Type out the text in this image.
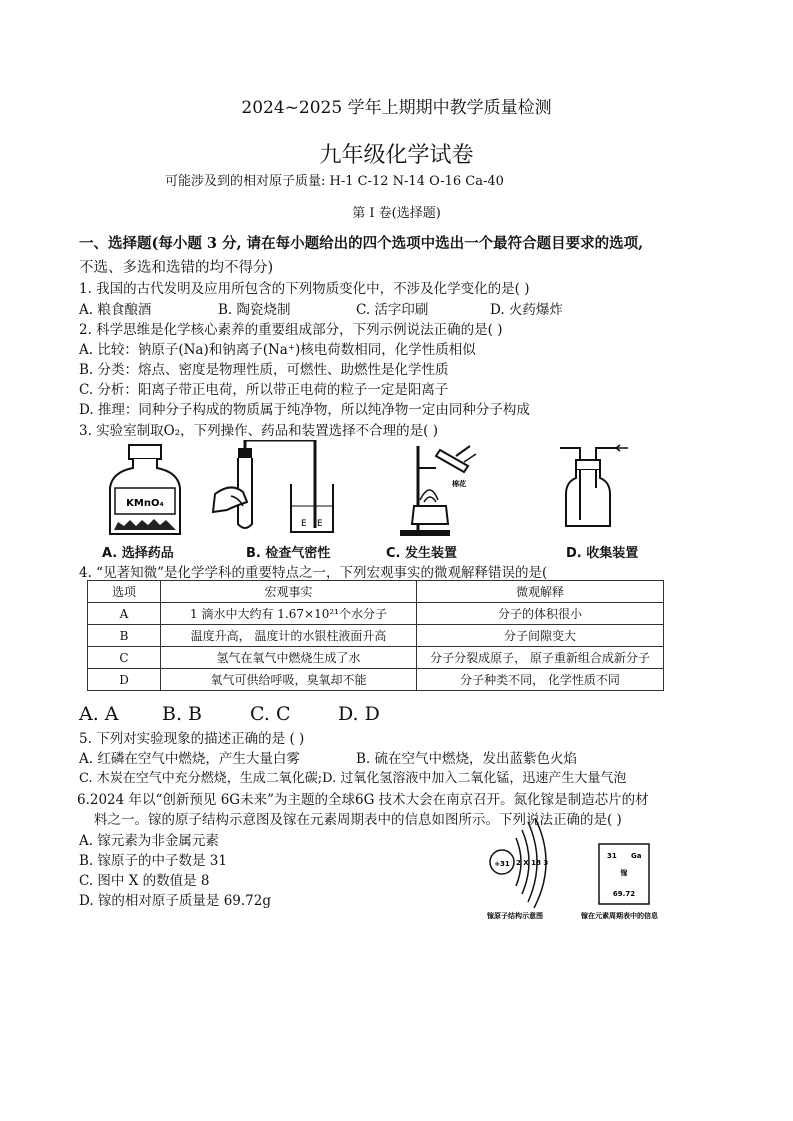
2024~2025 学年上期期中教学质量检测
九年级化学试卷
可能涉及到的相对原子质量: H-1 C-12 N-14 O-16 Ca-40
第 I 卷(选择题)
一、选择题(每小题 3 分, 请在每小题给出的四个选项中选出一个最符合题目要求的选项,
不选、多选和选错的均不得分)
1. 我国的古代发明及应用所包含的下列物质变化中，不涉及化学变化的是( )
A. 粮食酿酒	B. 陶瓷烧制	C. 活字印刷	D. 火药爆炸
2. 科学思维是化学核心素养的重要组成部分，下列示例说法正确的是( )
A. 比较：钠原子(Na)和钠离子(Na⁺)核电荷数相同，化学性质相似
B. 分类：熔点、密度是物理性质，可燃性、助燃性是化学性质
C. 分析：阳离子带正电荷，所以带正电荷的粒子一定是阳离子
D. 推理：同种分子构成的物质属于纯净物，所以纯净物一定由同种分子构成
3. 实验室制取O₂，下列操作、药品和装置选择不合理的是( )
KMnO₄
E E
棉花
A. 选择药品	B. 检查气密性	C. 发生装置	D. 收集装置
4. “见著知微”是化学学科的重要特点之一，下列宏观事实的微观解释错误的是(
选项	宏观事实	微观解释
A	1 滴水中大约有 1.67×10²¹个水分子	分子的体积很小
B	温度升高， 温度计的水银柱液面升高	分子间隙变大
C	氢气在氧气中燃烧生成了水	分子分裂成原子， 原子重新组合成新分子
D	氧气可供给呼吸，臭氧却不能	分子种类不同， 化学性质不同
A. A B. B	C. C	D. D
5. 下列对实验现象的描述正确的是 ( )
A. 红磷在空气中燃烧，产生大量白雾	B. 硫在空气中燃烧，发出蓝紫色火焰
C. 木炭在空气中充分燃烧，生成二氧化碳;D. 过氧化氢溶液中加入二氧化锰，迅速产生大量气泡
6.2024 年以“创新预见 6G未来”为主题的全球6G 技术大会在南京召开。氮化镓是制造芯片的材
料之一。镓的原子结构示意图及镓在元素周期表中的信息如图所示。下列说法正确的是( )
A. 镓元素为非金属元素
B. 镓原子的中子数是 31
C. 图中 X 的数值是 8
D. 镓的相对原子质量是 69.72g
+31 2 X 18 3
镓原子结构示意图
31 Ga
镓
69.72
镓在元素周期表中的信息
